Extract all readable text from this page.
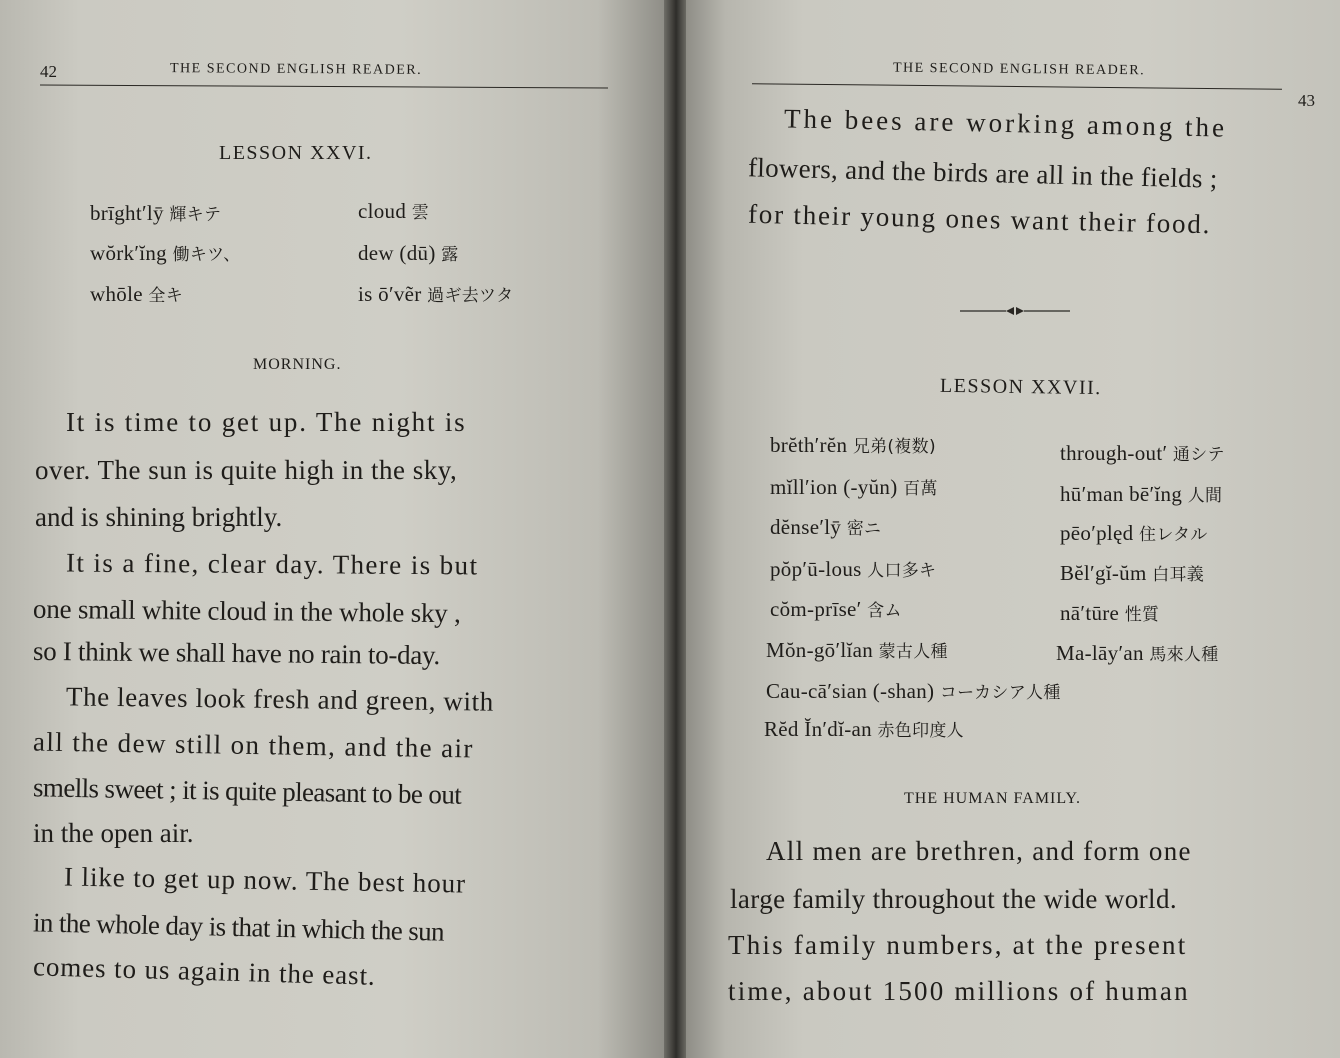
42	THE SECOND ENGLISH READER.
LESSON XXVI.
brīght′lȳ 輝キテ	cloud 雲
wŏrk′ĭng 働キツ、	dew (dū) 露
whōle 全キ	is ō′vẽr 過ギ去ツタ
MORNING.
It is time to get up. The night is
over. The sun is quite high in the sky,
and is shining brightly.
It is a fine, clear day. There is but
one small white cloud in the whole sky ,
so I think we shall have no rain to-day.
The leaves look fresh and green, with
all the dew still on them, and the air
smells sweet ; it is quite pleasant to be out
in the open air.
I like to get up now. The best hour
in the whole day is that in which the sun
comes to us again in the east.
THE SECOND ENGLISH READER.
43
The bees are working among the
flowers, and the birds are all in the fields ;
for their young ones want their food.
LESSON XXVII.
brĕth′rĕn 兄弟(複数)	through-out′ 通シテ
mĭll′ion (-yŭn) 百萬	hū′man bē′ĭng 人間
dĕnse′lȳ 密ニ	pēo′plęd 住レタル
pŏp′ū-lous 人口多キ	Bĕl′gĭ-ŭm 白耳義
cŏm-prīse′ 含ム	nā′tūre 性質
Mŏn-gō′lĭan 蒙古人種	Ma-lāy′an 馬來人種
Cau-cā′sian (-shan) コーカシア人種
Rĕd Ĭn′dĭ-an 赤色印度人
THE HUMAN FAMILY.
All men are brethren, and form one
large family throughout the wide world.
This family numbers, at the present
time, about 1500 millions of human
